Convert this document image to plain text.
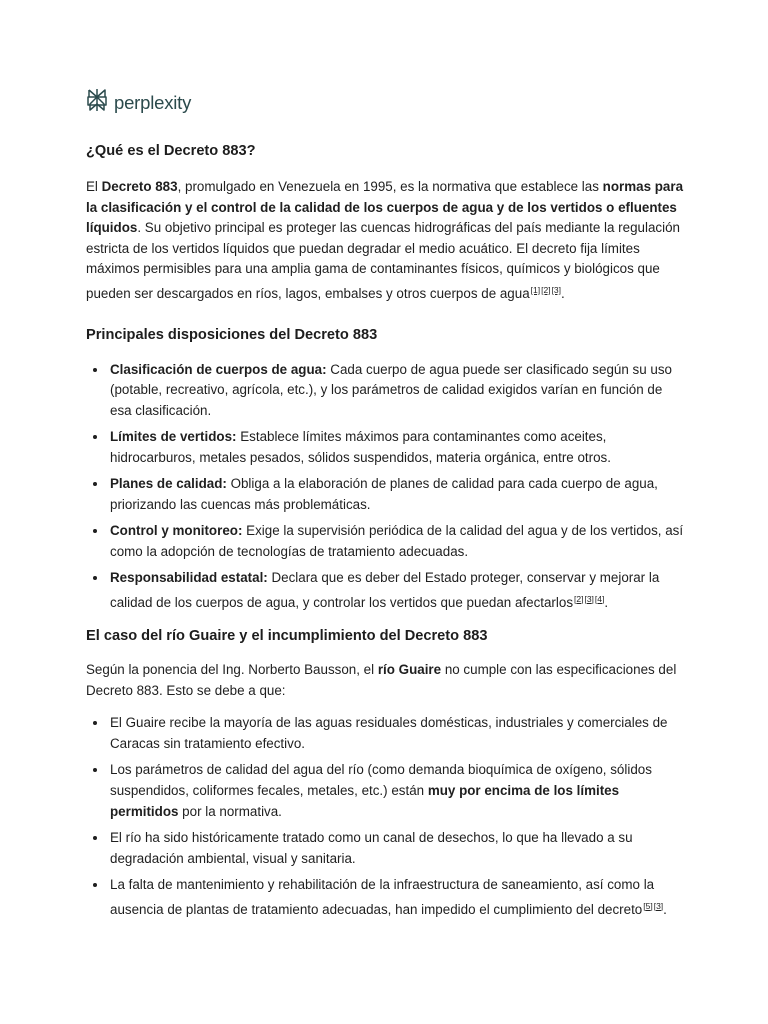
perplexity
¿Qué es el Decreto 883?

El Decreto 883, promulgado en Venezuela en 1995, es la normativa que establece las normas para la clasificación y el control de la calidad de los cuerpos de agua y de los vertidos o efluentes líquidos. Su objetivo principal es proteger las cuencas hidrográficas del país mediante la regulación estricta de los vertidos líquidos que puedan degradar el medio acuático. El decreto fija límites máximos permisibles para una amplia gama de contaminantes físicos, químicos y biológicos que pueden ser descargados en ríos, lagos, embalses y otros cuerpos de agua[1][2][3].

Principales disposiciones del Decreto 883
• Clasificación de cuerpos de agua: Cada cuerpo de agua puede ser clasificado según su uso (potable, recreativo, agrícola, etc.), y los parámetros de calidad exigidos varían en función de esa clasificación.
• Límites de vertidos: Establece límites máximos para contaminantes como aceites, hidrocarburos, metales pesados, sólidos suspendidos, materia orgánica, entre otros.
• Planes de calidad: Obliga a la elaboración de planes de calidad para cada cuerpo de agua, priorizando las cuencas más problemáticas.
• Control y monitoreo: Exige la supervisión periódica de la calidad del agua y de los vertidos, así como la adopción de tecnologías de tratamiento adecuadas.
• Responsabilidad estatal: Declara que es deber del Estado proteger, conservar y mejorar la calidad de los cuerpos de agua, y controlar los vertidos que puedan afectarlos[2][3][4].
El caso del río Guaire y el incumplimiento del Decreto 883

Según la ponencia del Ing. Norberto Bausson, el río Guaire no cumple con las especificaciones del Decreto 883. Esto se debe a que:

• El Guaire recibe la mayoría de las aguas residuales domésticas, industriales y comerciales de Caracas sin tratamiento efectivo.
• Los parámetros de calidad del agua del río (como demanda bioquímica de oxígeno, sólidos suspendidos, coliformes fecales, metales, etc.) están muy por encima de los límites permitidos por la normativa.
• El río ha sido históricamente tratado como un canal de desechos, lo que ha llevado a su degradación ambiental, visual y sanitaria.
• La falta de mantenimiento y rehabilitación de la infraestructura de saneamiento, así como la ausencia de plantas de tratamiento adecuadas, han impedido el cumplimiento del decreto[5][3].
